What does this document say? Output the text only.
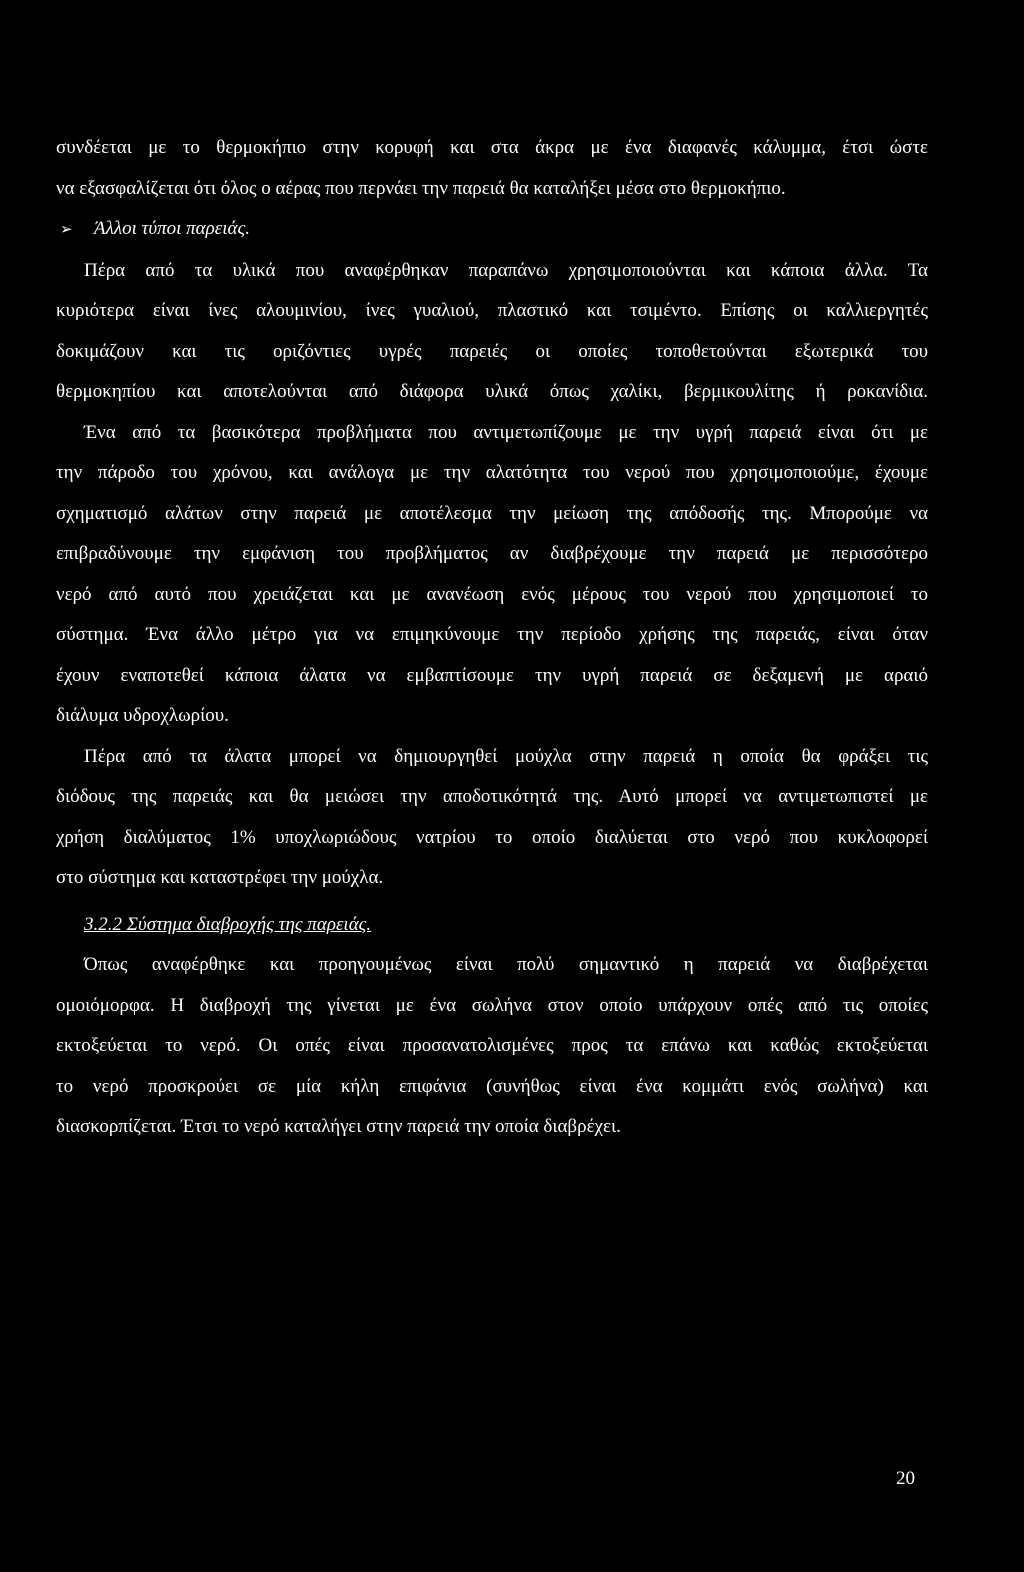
συνδέεται με το θερμοκήπιο στην κορυφή και στα άκρα με ένα διαφανές κάλυμμα, έτσι ώστε
να εξασφαλίζεται ότι όλος ο αέρας που περνάει την παρειά θα καταλήξει μέσα στο θερμοκήπιο.
➢ Άλλοι τύποι παρειάς.
Πέρα από τα υλικά που αναφέρθηκαν παραπάνω χρησιμοποιούνται και κάποια άλλα. Τα
κυριότερα είναι ίνες αλουμινίου, ίνες γυαλιού, πλαστικό και τσιμέντο. Επίσης οι καλλιεργητές
δοκιμάζουν και τις οριζόντιες υγρές παρειές οι οποίες τοποθετούνται εξωτερικά του
θερμοκηπίου και αποτελούνται από διάφορα υλικά όπως χαλίκι, βερμικουλίτης ή ροκανίδια.
Ένα από τα βασικότερα προβλήματα που αντιμετωπίζουμε με την υγρή παρειά είναι ότι με
την πάροδο του χρόνου, και ανάλογα με την αλατότητα του νερού που χρησιμοποιούμε, έχουμε
σχηματισμό αλάτων στην παρειά με αποτέλεσμα την μείωση της απόδοσής της. Μπορούμε να
επιβραδύνουμε την εμφάνιση του προβλήματος αν διαβρέχουμε την παρειά με περισσότερο
νερό από αυτό που χρειάζεται και με ανανέωση ενός μέρους του νερού που χρησιμοποιεί το
σύστημα. Ένα άλλο μέτρο για να επιμηκύνουμε την περίοδο χρήσης της παρειάς, είναι όταν
έχουν εναποτεθεί κάποια άλατα να εμβαπτίσουμε την υγρή παρειά σε δεξαμενή με αραιό
διάλυμα υδροχλωρίου.
Πέρα από τα άλατα μπορεί να δημιουργηθεί μούχλα στην παρειά η οποία θα φράξει τις
διόδους της παρειάς και θα μειώσει την αποδοτικότητά της. Αυτό μπορεί να αντιμετωπιστεί με
χρήση διαλύματος 1% υποχλωριώδους νατρίου το οποίο διαλύεται στο νερό που κυκλοφορεί
στο σύστημα και καταστρέφει την μούχλα.
3.2.2 Σύστημα διαβροχής της παρειάς.
Όπως αναφέρθηκε και προηγουμένως είναι πολύ σημαντικό η παρειά να διαβρέχεται
ομοιόμορφα. Η διαβροχή της γίνεται με ένα σωλήνα στον οποίο υπάρχουν οπές από τις οποίες
εκτοξεύεται το νερό. Οι οπές είναι προσανατολισμένες προς τα επάνω και καθώς εκτοξεύεται
το νερό προσκρούει σε μία κήλη επιφάνια (συνήθως είναι ένα κομμάτι ενός σωλήνα) και
διασκορπίζεται. Έτσι το νερό καταλήγει στην παρειά την οποία διαβρέχει.
20
